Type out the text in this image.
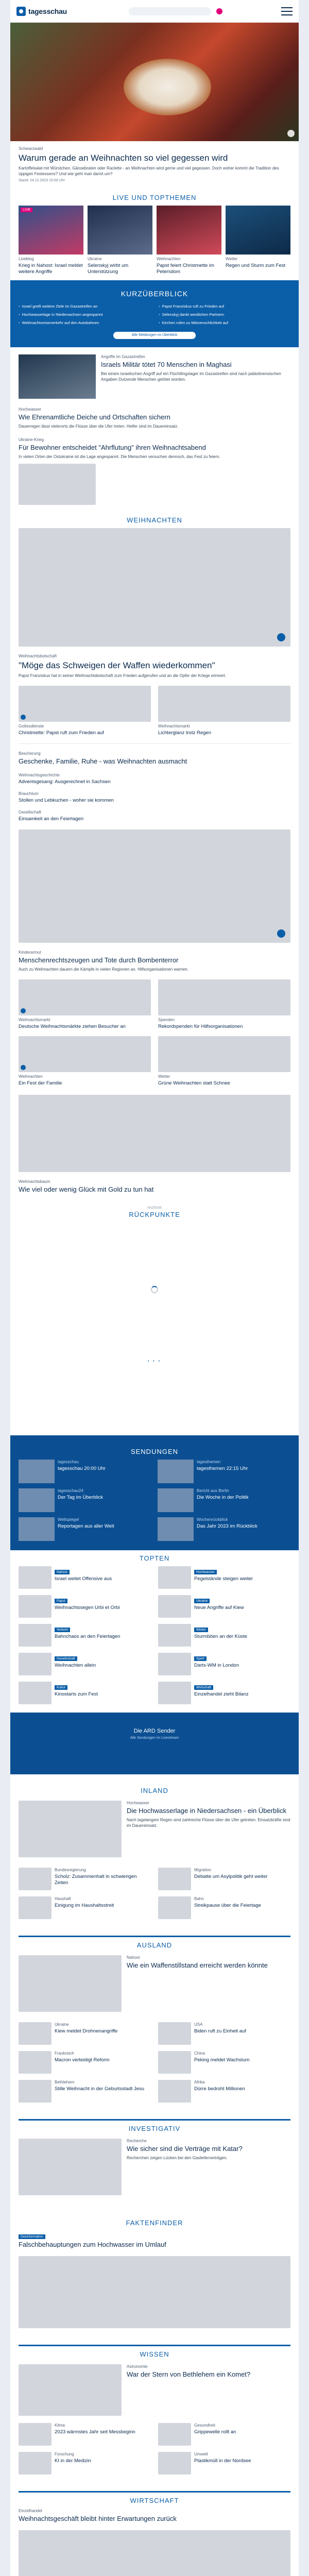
tagesschau
Schwarzwald
Warum gerade an Weihnachten so viel gegessen wird

Kartoffelsalat mit Würstchen, Gänsebraten oder Raclette - an Weihnachten wird gerne und viel gegessen. Doch woher kommt die Tradition des üppigen Festessens? Und wie geht man damit um?

Stand: 24.12.2023 10:00 Uhr
LIVE UND TOPTHEMEN
LIVE
Liveblog
Krieg in Nahost: Israel meldet weitere Angriffe
Ukraine
Selenskyj wirbt um Unterstützung
Weihnachten
Papst feiert Christmette im Petersdom
Wetter
Regen und Sturm zum Fest
KURZÜBERBLICK
• Israel greift weitere Ziele im Gazastreifen an	• Papst Franziskus ruft zu Frieden auf
• Hochwasserlage in Niedersachsen angespannt	• Selenskyj dankt westlichen Partnern
• Weihnachtsreiseverkehr auf den Autobahnen	• Kirchen rufen zu Mitmenschlichkeit auf
Alle Meldungen im Überblick
Angriffe im Gazastreifen
Israels Militär tötet 70 Menschen in Maghasi

Bei einem israelischen Angriff auf ein Flüchtlingslager im Gazastreifen sind nach palästinensischen Angaben Dutzende Menschen getötet worden.

Hochwasser
Wie Ehrenamtliche Deiche und Ortschaften sichern

Dauerregen lässt vielerorts die Flüsse über die Ufer treten. Helfer sind im Dauereinsatz.

Ukraine-Krieg
Für Bewohner entscheidet "Ahrflutung" ihren Weihnachtsabend

In vielen Orten der Ostukraine ist die Lage angespannt. Die Menschen versuchen dennoch, das Fest zu feiern.

WEIHNACHTEN
Weihnachtsbotschaft
"Möge das Schweigen der Waffen wiederkommen"

Papst Franziskus hat in seiner Weihnachtsbotschaft zum Frieden aufgerufen und an die Opfer der Kriege erinnert.

Gottesdienste
Christmette: Papst ruft zum Frieden auf
Weihnachtsmarkt
Lichterglanz trotz Regen
Bescherung
Geschenke, Familie, Ruhe - was Weihnachten ausmacht
Weihnachtsgeschichte
Adventsgesang: Ausgerechnet in Sachsen
Brauchtum
Stollen und Lebkuchen - woher sie kommen
Gesellschaft
Einsamkeit an den Feiertagen
Kinderarmut
Menschenrechtszeugen und Tote durch Bombenterror

Auch zu Weihnachten dauern die Kämpfe in vielen Regionen an. Hilfsorganisationen warnen.

Weihnachtsmarkt
Deutsche Weihnachtsmärkte ziehen Besucher an
Spenden
Rekordspenden für Hilfsorganisationen
Weihnachten
Ein Fest der Familie
Wetter
Grüne Weihnachten statt Schnee
Weihnachtsbaum
Wie viel oder wenig Glück mit Gold zu tun hat
ANZEIGE
RÜCKPUNKTE
• • •
SENDUNGEN
tagesschau
tagesschau 20:00 Uhr
tagesthemen
tagesthemen 22:15 Uhr
tagesschau24
Der Tag im Überblick
Bericht aus Berlin
Die Woche in der Politik
Weltspiegel
Reportagen aus aller Welt
Wochenrückblick
Das Jahr 2023 im Rückblick
TOPTEN
Nahost
Israel weitet Offensive aus
Hochwasser
Pegelstände steigen weiter
Papst
Weihnachtssegen Urbi et Orbi
Ukraine
Neue Angriffe auf Kiew
Verkehr
Bahnchaos an den Feiertagen
Wetter
Sturmböen an der Küste
Gesellschaft
Weihnachten allein
Sport
Darts-WM in London
Kultur
Kinostarts zum Fest
Wirtschaft
Einzelhandel zieht Bilanz
Die ARD Sender
Alle Sendungen im Livestream
INLAND
Hochwasser
Die Hochwasserlage in Niedersachsen - ein Überblick

Nach tagelangem Regen sind zahlreiche Flüsse über die Ufer getreten. Einsatzkräfte sind im Dauereinsatz.

Bundesregierung
Scholz: Zusammenhalt in schwierigen Zeiten
Migration
Debatte um Asylpolitik geht weiter
Haushalt
Einigung im Haushaltsstreit
Bahn
Streikpause über die Feiertage
AUSLAND
Nahost
Wie ein Waffenstillstand erreicht werden könnte
Ukraine
Kiew meldet Drohnenangriffe
USA
Biden ruft zu Einheit auf
Frankreich
Macron verteidigt Reform
China
Peking meldet Wachstum
Bethlehem
Stille Weihnacht in der Geburtsstadt Jesu
Afrika
Dürre bedroht Millionen
INVESTIGATIV
Recherche
Wie sicher sind die Verträge mit Katar?

Recherchen zeigen Lücken bei den Gaslieferverträgen.

FAKTENFINDER
Desinformation
Falschbehauptungen zum Hochwasser im Umlauf
WISSEN
Astronomie
War der Stern von Bethlehem ein Komet?
Klima
2023 wärmstes Jahr seit Messbeginn
Gesundheit
Grippewelle rollt an
Forschung
KI in der Medizin
Umwelt
Plastikmüll in der Nordsee
WIRTSCHAFT
Einzelhandel
Weihnachtsgeschäft bleibt hinter Erwartungen zurück
